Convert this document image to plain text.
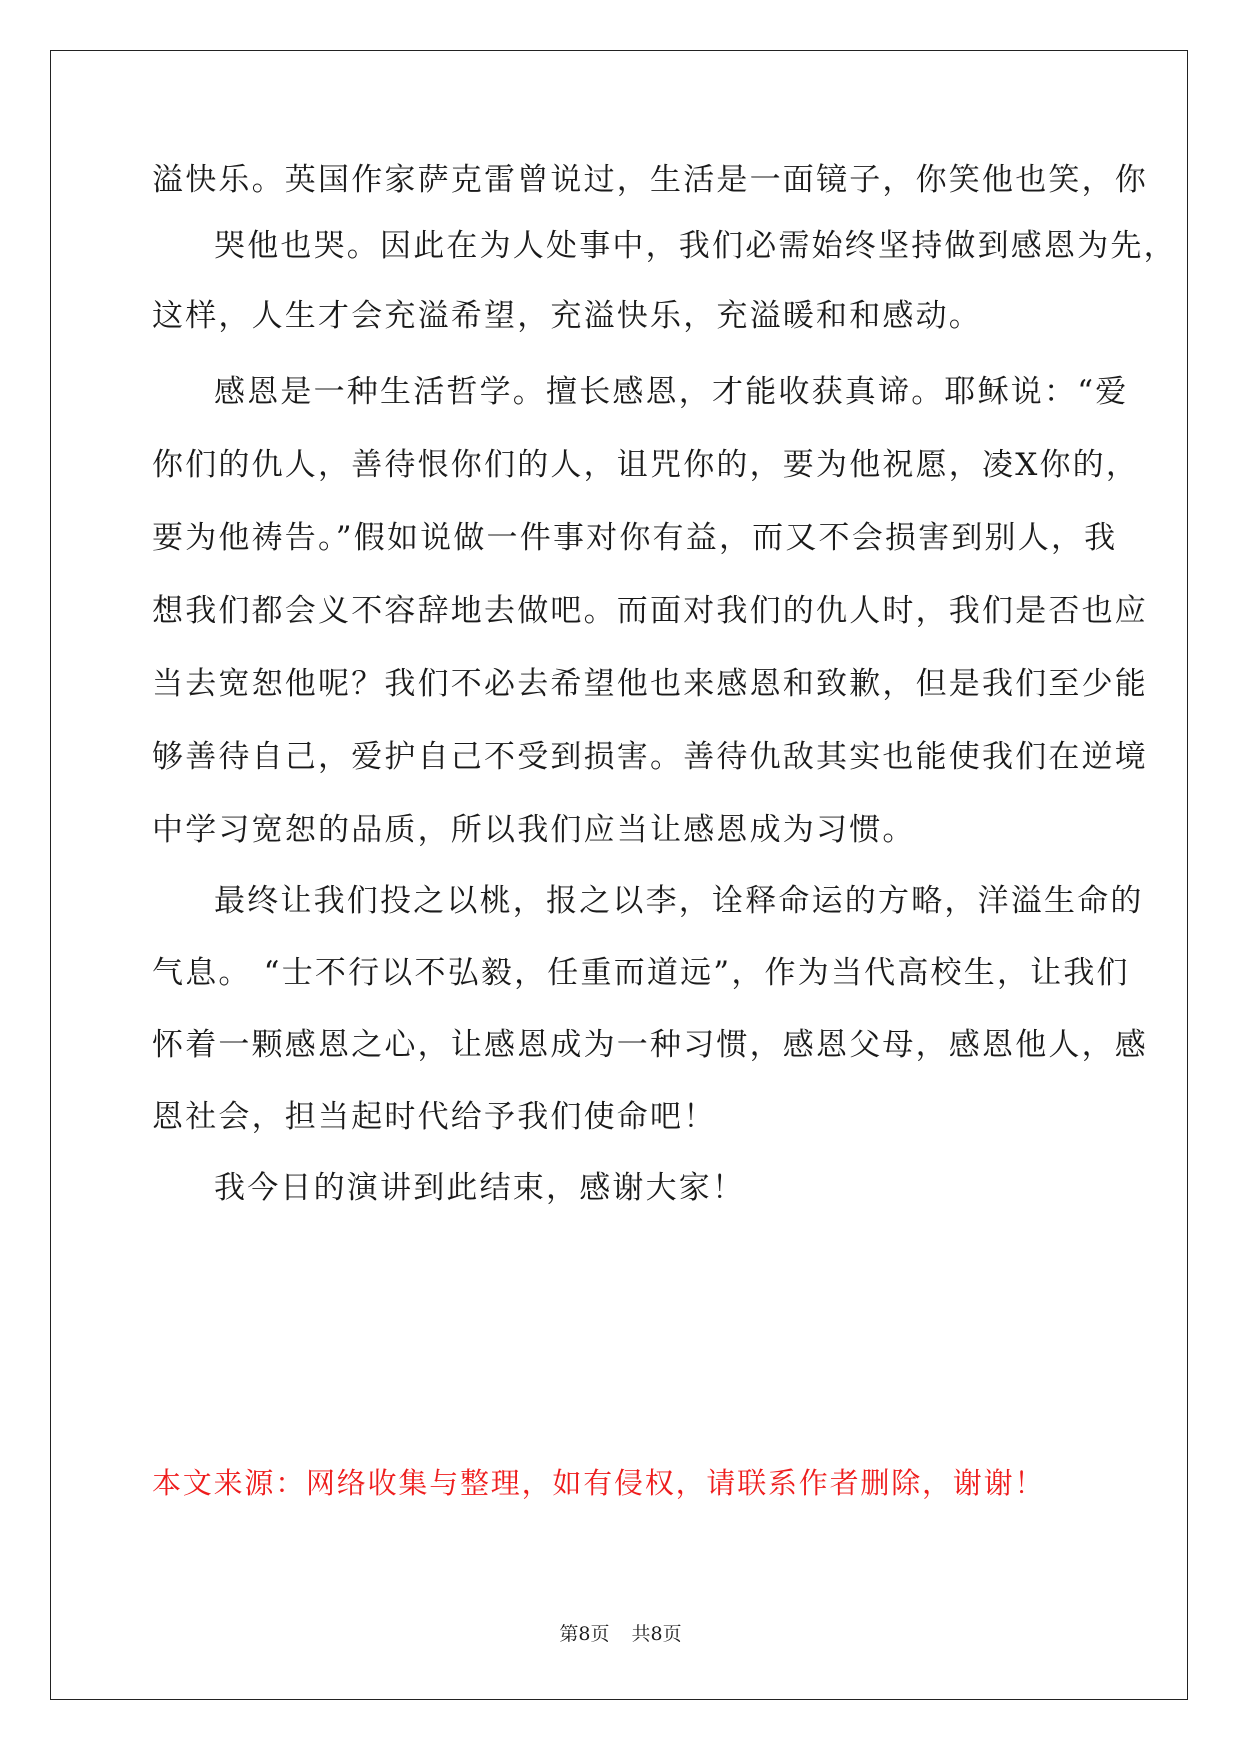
溢快乐。英国作家萨克雷曾说过，生活是一面镜子，你笑他也笑，你
哭他也哭。因此在为人处事中，我们必需始终坚持做到感恩为先，
这样，人生才会充溢希望，充溢快乐，充溢暖和和感动。
感恩是一种生活哲学。擅长感恩，才能收获真谛。耶稣说：“爱
你们的仇人，善待恨你们的人，诅咒你的，要为他祝愿，凌X你的，
要为他祷告。”假如说做一件事对你有益，而又不会损害到别人，我
想我们都会义不容辞地去做吧。而面对我们的仇人时，我们是否也应
当去宽恕他呢？我们不必去希望他也来感恩和致歉，但是我们至少能
够善待自己，爱护自己不受到损害。善待仇敌其实也能使我们在逆境
中学习宽恕的品质，所以我们应当让感恩成为习惯。
最终让我们投之以桃，报之以李，诠释命运的方略，洋溢生命的
气息。 “士不行以不弘毅，任重而道远”，作为当代高校生，让我们
怀着一颗感恩之心，让感恩成为一种习惯，感恩父母，感恩他人，感
恩社会，担当起时代给予我们使命吧！
我今日的演讲到此结束，感谢大家！
本文来源：网络收集与整理，如有侵权，请联系作者删除，谢谢！
第8页 共8页
